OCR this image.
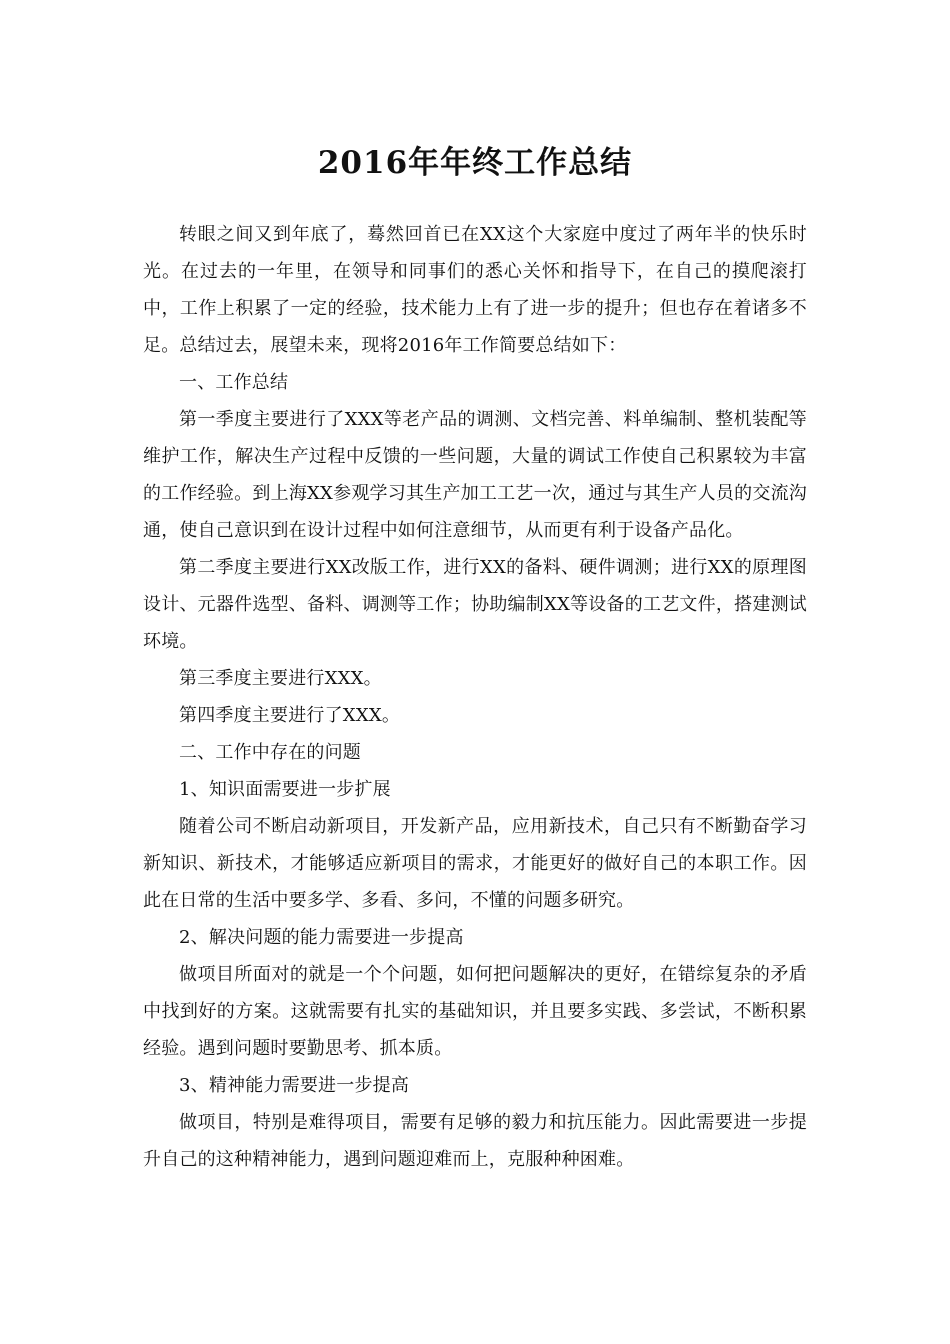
2016年年终工作总结

转眼之间又到年底了，蓦然回首已在XX这个大家庭中度过了两年半的快乐时光。在过去的一年里，在领导和同事们的悉心关怀和指导下，在自己的摸爬滚打中，工作上积累了一定的经验，技术能力上有了进一步的提升；但也存在着诸多不足。总结过去，展望未来，现将2016年工作简要总结如下：

一、工作总结

第一季度主要进行了XXX等老产品的调测、文档完善、料单编制、整机装配等维护工作，解决生产过程中反馈的一些问题，大量的调试工作使自己积累较为丰富的工作经验。到上海XX参观学习其生产加工工艺一次，通过与其生产人员的交流沟通，使自己意识到在设计过程中如何注意细节，从而更有利于设备产品化。

第二季度主要进行XX改版工作，进行XX的备料、硬件调测；进行XX的原理图设计、元器件选型、备料、调测等工作；协助编制XX等设备的工艺文件，搭建测试环境。

第三季度主要进行XXX。

第四季度主要进行了XXX。

二、工作中存在的问题

1、知识面需要进一步扩展

随着公司不断启动新项目，开发新产品，应用新技术，自己只有不断勤奋学习新知识、新技术，才能够适应新项目的需求，才能更好的做好自己的本职工作。因此在日常的生活中要多学、多看、多问，不懂的问题多研究。

2、解决问题的能力需要进一步提高

做项目所面对的就是一个个问题，如何把问题解决的更好，在错综复杂的矛盾中找到好的方案。这就需要有扎实的基础知识，并且要多实践、多尝试，不断积累经验。遇到问题时要勤思考、抓本质。

3、精神能力需要进一步提高

做项目，特别是难得项目，需要有足够的毅力和抗压能力。因此需要进一步提升自己的这种精神能力，遇到问题迎难而上，克服种种困难。
